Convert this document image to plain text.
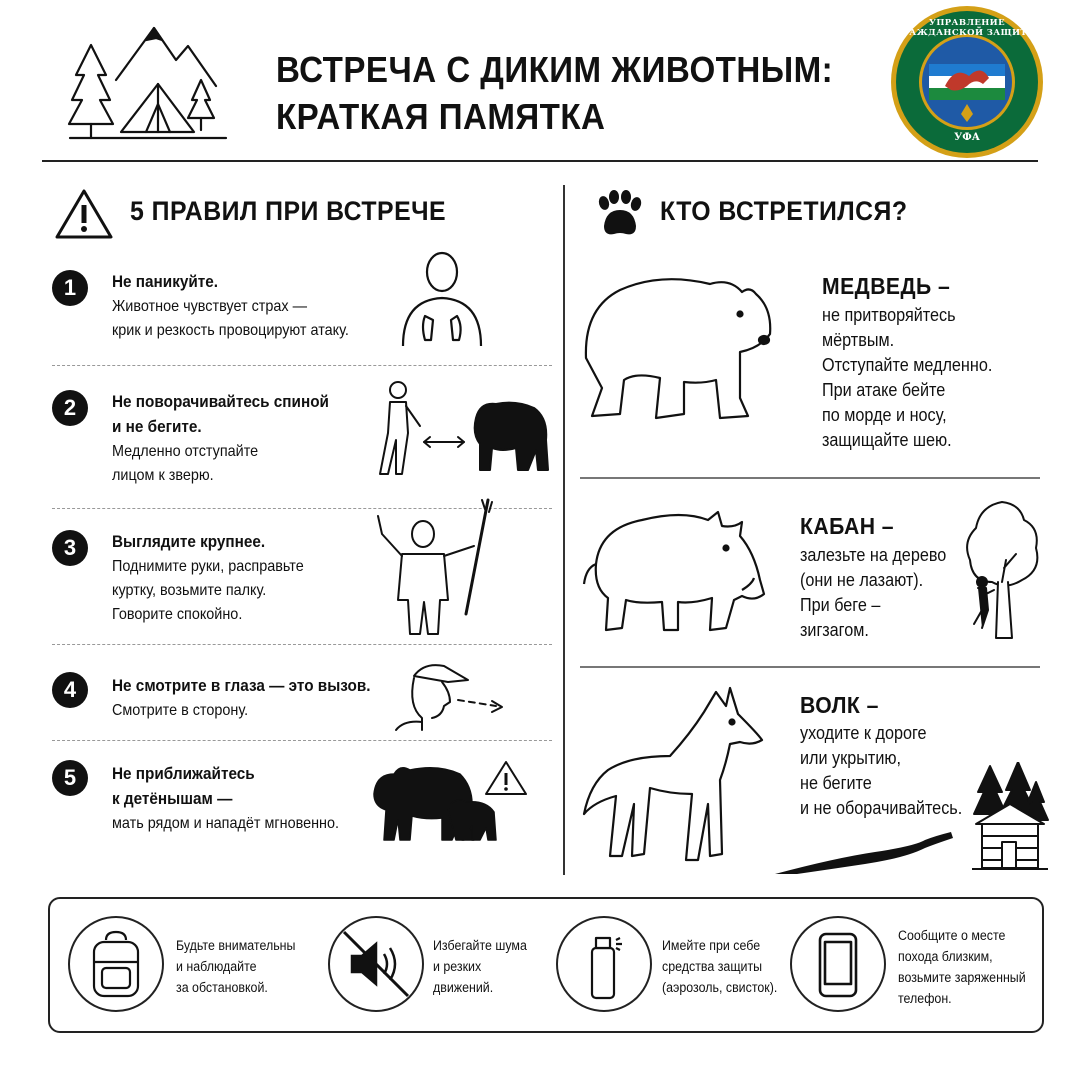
ВСТРЕЧА С ДИКИМ ЖИВОТНЫМ:
КРАТКАЯ ПАМЯТКА
УПРАВЛЕНИЕ ГРАЖДАНСКОЙ ЗАЩИТЫ
УФА
5 ПРАВИЛ ПРИ ВСТРЕЧЕ
1	Не паникуйте.
Животное чувствует страх —
крик и резкость провоцируют атаку.
2	Не поворачивайтесь спиной
и не бегите.
Медленно отступайте
лицом к зверю.
3	Выглядите крупнее.
Поднимите руки, расправьте
куртку, возьмите палку.
Говорите спокойно.
4	Не смотрите в глаза — это вызов.
Смотрите в сторону.
5	Не приближайтесь
к детёнышам —
мать рядом и нападёт мгновенно.
КТО ВСТРЕТИЛСЯ?
МЕДВЕДЬ –
не притворяйтесь
мёртвым.
Отступайте медленно.
При атаке бейте
по морде и носу,
защищайте шею.
КАБАН –
залезьте на дерево
(они не лазают).
При беге –
зигзагом.
ВОЛК –
уходите к дороге
или укрытию,
не бегите
и не оборачивайтесь.
Будьте внимательны
и наблюдайте
за обстановкой.
Избегайте шума
и резких
движений.
Имейте при себе
средства защиты
(аэрозоль, свисток).
Сообщите о месте
похода близким,
возьмите заряженный
телефон.
